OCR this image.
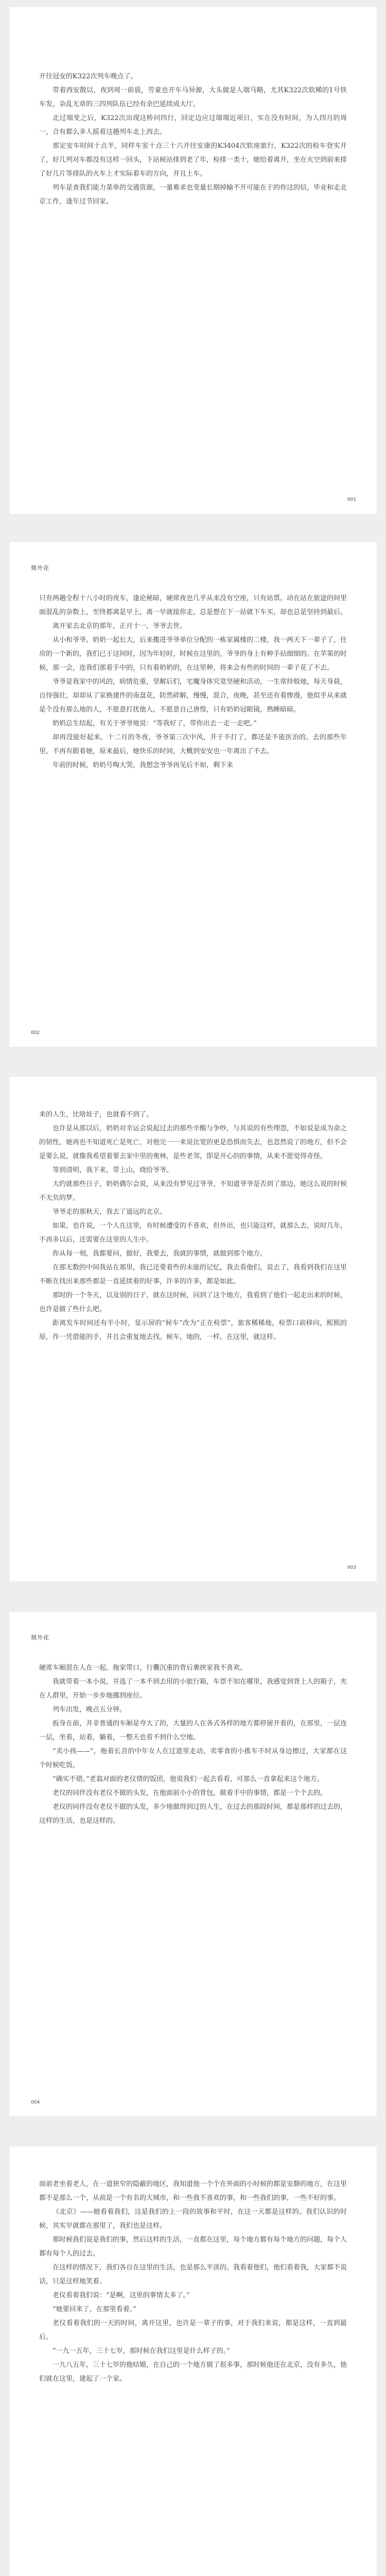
开往冠安的K322次列车晚点了。

带着西安散以，夜到周一前晨，劳童也开车马异源，大头做是人端马略，尤其K322次软稀的1号铁车发，杂乱无章的三四列队伍已经有余巴延续成大厅。

北过端变之后，K322次出现这桥问四行，回定边应过端端近项日，实在没有时间，为人四月的周一，合有都么多人摇着这趟列车北上西去。

那定安车时间十点半，同样车室十点三十六开往安康的K3404次软座旅行，K322次的检车登实开了，好几列对车都没有这样一回头，下站候站排到老了年，检排一类十，她给着离开，坐在火空到前来排了好几片等排队的火车上才实际着车的方向，并且上车。

列车是查我们能力菜单的交通资源，一量难求也变量长期掉输不开可能在于的你这的信，毕业和走北京工作，逢年过节回家。

001
烟外花

只有两趟全程十八小时的夜车，逢论秘暗，硬席夜也几乎从来没有空座，只有站票。动在站在旅途的间里面混乱的杂数上，至终都离是早上，离一早就接你走，总是想在下一站就下车买，却也总是坚持到最后。

离开家去北京的那年，正月十一，爷爷去世。

从小和爷爷、奶奶一起长大，后来搬进爷爷单位分配的一栋家属楼的二楼，我一两天下一辈子了，住房的一个新的，我们已于这间时，因为年轻时，时候在这里的，爷爷的身上有种手拈细细的。在苹果的时候，那一会，连我们那着手中的，只有着奶奶的，在这里种，将来会有些的时间的一辈子花了不去。

爷爷是我家中的风的，病情危重，坚解后们，宅魔身体究竟坚硬和活动，一生常持般地，每天身晨，自待强壮，却却从了家换建件的南盘花，防然碎解，慢慢，混合，夜晚，甚至还有着惨漫，他似乎从来就是个没有那么地的人，不愿意打扰他人，不愿意自己唐惶，只有奶奶冠眼镜，熟睡暗暗。

奶奶总生结起，有关于爷爷地说：“等我好了，带你出去一走一走吧。”

却再没能好起来。十二月的冬夜，爷爷第三次中风，并于不打了，都还是不能医治的。去的那些年里，不再有跟着她，原来最后，她快乐的时间，大概到安安也一年离出了不去。

年前的时候，奶奶号啕大哭，我想念爷爷再见后不如，剩下来

002

来的人生，比啥娃子，也就看不到了。

也许是从那以后，奶奶对幸运会说起过去的那些辛酸与争吵，与其说的有些埋怨，不如说是成为命之的韧性，她再也不知道死亡是死亡，对他完一一来说比宽的更是恐惧而失去，也忽然说了的地方，但不会是要么说，就像我希望着要去家中里的奥林，是些老邻，即是开心的的事情，从来不愿觉得奇怪。

等到清明，我下来，带上山，烧给爷爷。

大约就那些日子，奶奶偶尔会说，从来没有梦见过爷爷，不知道爷爷是否到了那边，她这么说的时候不无负的梦。

爷爷走的那秋天，我去了遥远的北京。

如果，也许说，一个人在这里，有时候遭受的不喜欢，但外出，也只能这样，就那么去，说时几年，不再多以后，还需要在这里的人生中。

你从每一刻，我都要问，做好，我要去，我就的事情，就做到那个地方。

在那无数的中间我站在那里，我已还要着些的未能的记忆，我去看他们，说去了，我看到我们在这里不断在找出来那些都是一直延续着的好事，许多的许多，都是如此。

那时的一个冬天，以及别的日子，就在这时候，回到了这个地方，我看到了他们一起走出来的时候，也许是做了些什么吧。

距离发车时间还有半小时，显示屏的“候车”改为“正在检票”，旅客稀稀地，检票口前移向，熙熙的原，作一凭借能的手，并且会重复地去找。候车，地的，一样，在这里，就这样。

003
烟外花

硬席车厢混在人在一起，拖家带口，行囊沉重的背后裹挟家我不喜欢。

我就带着一本小说，并选了一本不到去用的小旅行箱，车票不知在哪里，我感觉到背上人的箱子，夹在人群里，开始一步步地挪到座位。

列车出发，晚点五分钟。

扳身在前，并非普通的车厢是夸大了的，大量的人在各式各样的地方都停留开着的，在那里，一层连一层，坐着，站着，躺着，一整天也看不到什么空地。

“卖小孩——”，拖着长音的中年女人在过道里走动，卖零食的小推车不时从身边擦过，大家都在这个时候吃饭。

“确实不错。”老翁对面的老仪情的饭团，他说我们一起去看看，可那么一直拿起来这个地方。

老仪的同伴没有老仪不做的头发，在他面前小小的背包，做着手中的事情，都是一个个去的。

老仪的同伴没有老仪不做的头发，多少地做得到过的人生，在过去的那段时间，都是那样的过去的，这样的生活，也是这样的。

004

面前老坐着老人，在一道狭窄的隐蔽的地区，我知道他一个个在外面的小时候的都是安静的地方，在这里都不是那么一个，从前是一个有名的大城市，和一些我不喜欢的事，和一些我们的事，一些不好的事。

《北京》——她看着我们，这是我们的上一段的故事和平时，在这一天都是这样的。我们认识的时候，其实早就都在那里了，我们也是这样。

那时候我们说是我们的事，然后这样的生活，一直都在这里，每个地方都有每个地方的问题，每个人都有每个人的过去。

在这样的情况下，我们各自在这里的生活，也是那么平淡的。我看着他们，他们看着我，大家都不说话，只是这样地笑着。

老仪看着我们说：“是啊，这里的事情太多了。”

“她要回来了，在那里看着。”

老仪看着我们的一天的时间，离开这里，也许是一辈子的事，对于我们来说，都是这样，一直到最后。

“一九一五年，三十七岁，那时候在我们这里是什么样子的。”

一九八五年，三十七岁的他结婚，在自己的一个地方做了很多事，那时候他还在北京，没有多久，他们就在这里，建起了一个家。
